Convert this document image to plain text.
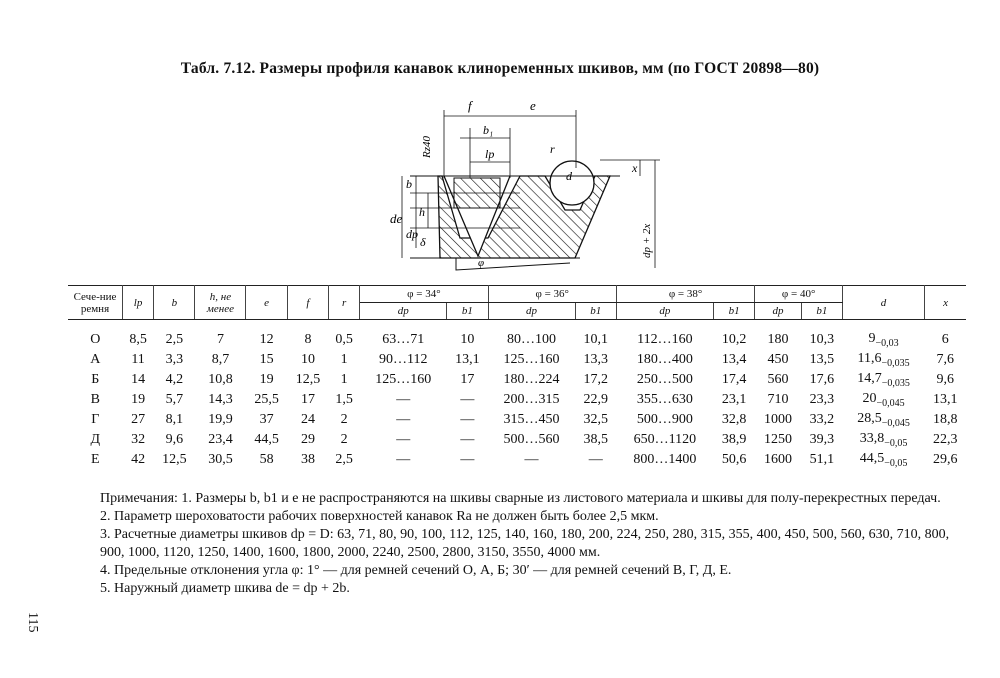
Табл. 7.12. Размеры профиля канавок клиноременных шкивов, мм (по ГОСТ 20898—80)
f	e
b₁
lp	r
d
x
b
h
de
dp
δ
φ
Rz40
dp + 2x
Сече-ние ремня	lp	b	h, не менее	e	f	r	φ = 34°		φ = 36°		φ = 38°		φ = 40°		d	x
							dp	b1	dp	b1	dp	b1	dp	b1		

О	8,5	2,5	7	12	8	0,5	63…71	10	80…100	10,1	112…160	10,2	180	10,3	$9_{-0,03}$	6
А	11	3,3	8,7	15	10	1	90…112	13,1	125…160	13,3	180…400	13,4	450	13,5	$11,6_{-0,035}$	7,6
Б	14	4,2	10,8	19	12,5	1	125…160	17	180…224	17,2	250…500	17,4	560	17,6	$14,7_{-0,035}$	9,6
В	19	5,7	14,3	25,5	17	1,5	—	—	200…315	22,9	355…630	23,1	710	23,3	$20_{-0,045}$	13,1
Г	27	8,1	19,9	37	24	2	—	—	315…450	32,5	500…900	32,8	1000	33,2	$28,5_{-0,045}$	18,8
Д	32	9,6	23,4	44,5	29	2	—	—	500…560	38,5	650…1120	38,9	1250	39,3	$33,8_{-0,05}$	22,3
Е	42	12,5	30,5	58	38	2,5	—	—	—	—	800…1400	50,6	1600	51,1	$44,5_{-0,05}$	29,6

Примечания: 1. Размеры b, b1 и e не распространяются на шкивы сварные из листового материала и шкивы для полу-перекрестных передач.

2. Параметр шероховатости рабочих поверхностей канавок Ra не должен быть более 2,5 мкм.

3. Расчетные диаметры шкивов dp = D: 63, 71, 80, 90, 100, 112, 125, 140, 160, 180, 200, 224, 250, 280, 315, 355, 400, 450, 500, 560, 630, 710, 800, 900, 1000, 1120, 1250, 1400, 1600, 1800, 2000, 2240, 2500, 2800, 3150, 3550, 4000 мм.

4. Предельные отклонения угла φ: 1° — для ремней сечений О, А, Б; 30′ — для ремней сечений В, Г, Д, Е.

5. Наружный диаметр шкива de = dp + 2b.

115
